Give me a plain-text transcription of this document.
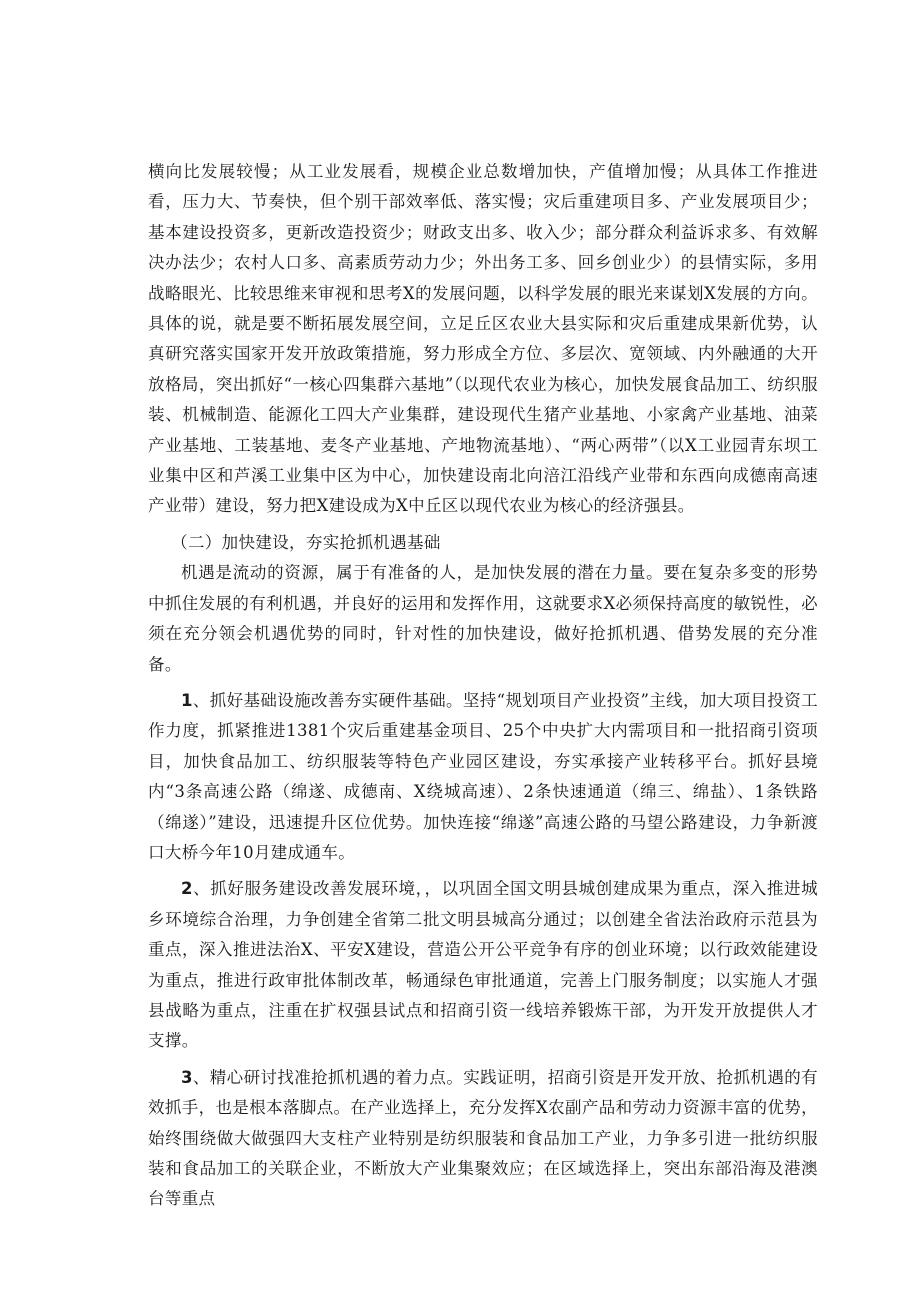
横向比发展较慢；从工业发展看，规模企业总数增加快，产值增加慢；从具体工作推进看，压力大、节奏快，但个别干部效率低、落实慢；灾后重建项目多、产业发展项目少；基本建设投资多，更新改造投资少；财政支出多、收入少；部分群众利益诉求多、有效解决办法少；农村人口多、高素质劳动力少；外出务工多、回乡创业少）的县情实际，多用战略眼光、比较思维来审视和思考X的发展问题，以科学发展的眼光来谋划X发展的方向。具体的说，就是要不断拓展发展空间，立足丘区农业大县实际和灾后重建成果新优势，认真研究落实国家开发开放政策措施，努力形成全方位、多层次、宽领域、内外融通的大开放格局，突出抓好“一核心四集群六基地”（以现代农业为核心，加快发展食品加工、纺织服装、机械制造、能源化工四大产业集群，建设现代生猪产业基地、小家禽产业基地、油菜产业基地、工装基地、麦冬产业基地、产地物流基地）、“两心两带”（以X工业园青东坝工业集中区和芦溪工业集中区为中心，加快建设南北向涪江沿线产业带和东西向成德南高速产业带）建设，努力把X建设成为X中丘区以现代农业为核心的经济强县。

（二）加快建设，夯实抢抓机遇基础

机遇是流动的资源，属于有准备的人，是加快发展的潜在力量。要在复杂多变的形势中抓住发展的有利机遇，并良好的运用和发挥作用，这就要求X必须保持高度的敏锐性，必须在充分领会机遇优势的同时，针对性的加快建设，做好抢抓机遇、借势发展的充分准备。

1、抓好基础设施改善夯实硬件基础。坚持“规划项目产业投资”主线，加大项目投资工作力度，抓紧推进1381个灾后重建基金项目、25个中央扩大内需项目和一批招商引资项目，加快食品加工、纺织服装等特色产业园区建设，夯实承接产业转移平台。抓好县境内“3条高速公路（绵遂、成德南、X绕城高速）、2条快速通道（绵三、绵盐）、1条铁路（绵遂）”建设，迅速提升区位优势。加快连接“绵遂”高速公路的马望公路建设，力争新渡口大桥今年10月建成通车。

2、抓好服务建设改善发展环境，，以巩固全国文明县城创建成果为重点，深入推进城乡环境综合治理，力争创建全省第二批文明县城高分通过；以创建全省法治政府示范县为重点，深入推进法治X、平安X建设，营造公开公平竞争有序的创业环境；以行政效能建设为重点，推进行政审批体制改革，畅通绿色审批通道，完善上门服务制度；以实施人才强县战略为重点，注重在扩权强县试点和招商引资一线培养锻炼干部，为开发开放提供人才支撑。

3、精心研讨找准抢抓机遇的着力点。实践证明，招商引资是开发开放、抢抓机遇的有效抓手，也是根本落脚点。在产业选择上，充分发挥X农副产品和劳动力资源丰富的优势，始终围绕做大做强四大支柱产业特别是纺织服装和食品加工产业，力争多引进一批纺织服装和食品加工的关联企业，不断放大产业集聚效应；在区域选择上，突出东部沿海及港澳台等重点
